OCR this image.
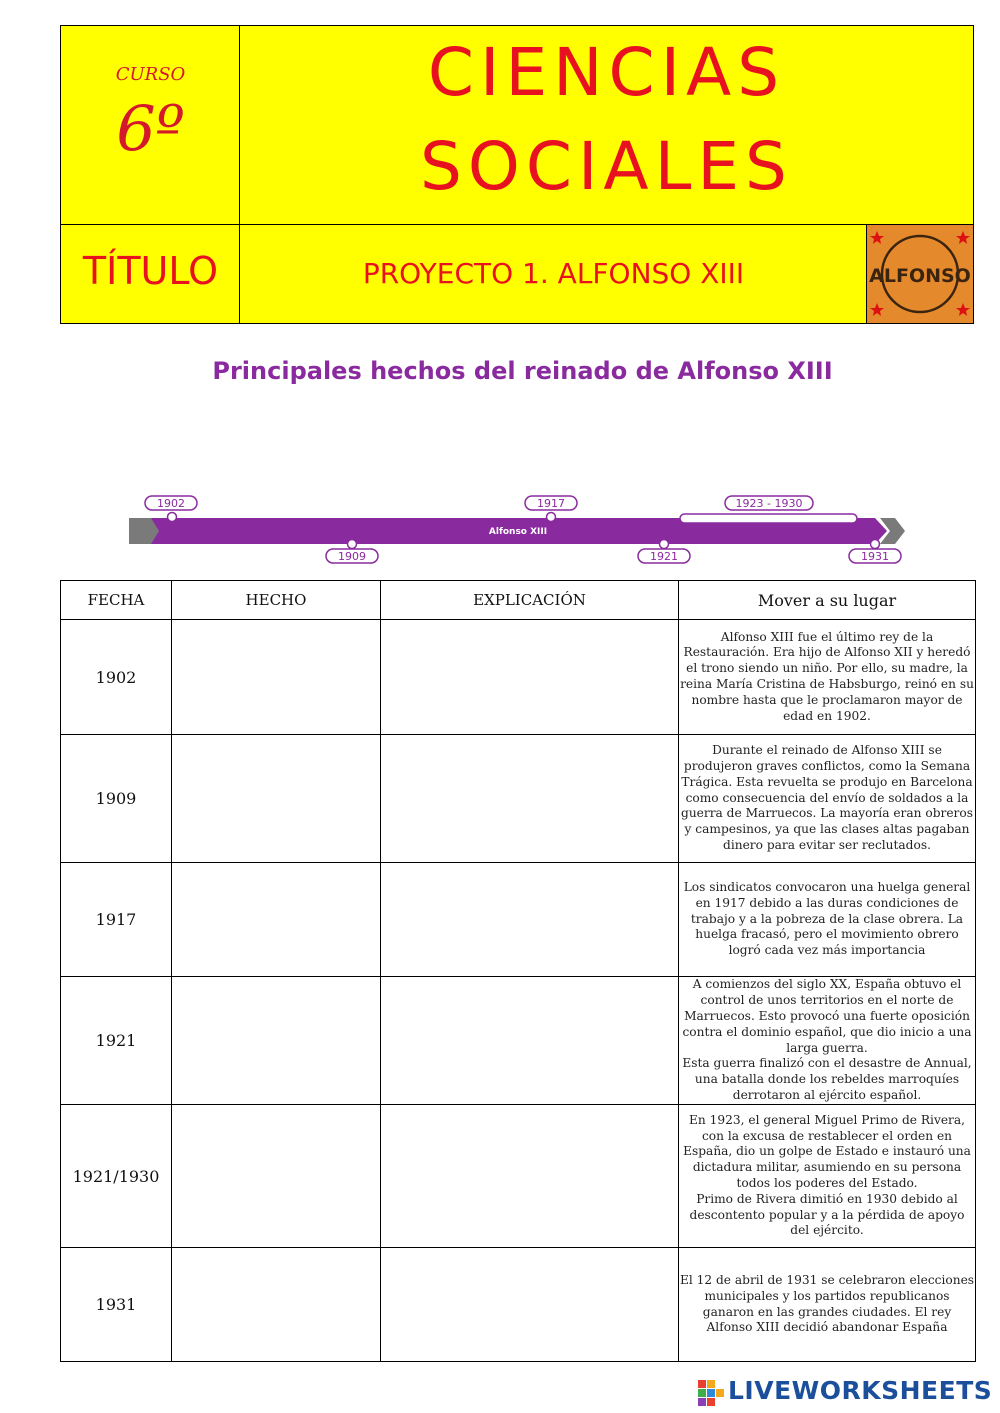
CURSO
6º
CIENCIAS
SOCIALES
TÍTULO	PROYECTO 1. ALFONSO XIII	ALFONSO
Principales hechos del reinado de Alfonso XIII
Alfonso XIII
1902	1917	1923 - 1930
1909	1921	1931
FECHA	HECHO	EXPLICACIÓN	Mover a su lugar
1902			Alfonso XIII fue el último rey de la Restauración. Era hijo de Alfonso XII y heredó el trono siendo un niño. Por ello, su madre, la reina María Cristina de Habsburgo, reinó en su nombre hasta que le proclamaron mayor de edad en 1902.

1909			Durante el reinado de Alfonso XIII se produjeron graves conflictos, como la Semana Trágica. Esta revuelta se produjo en Barcelona como consecuencia del envío de soldados a la guerra de Marruecos. La mayoría eran obreros y campesinos, ya que las clases altas pagaban dinero para evitar ser reclutados.

1917			Los sindicatos convocaron una huelga general en 1917 debido a las duras condiciones de trabajo y a la pobreza de la clase obrera. La huelga fracasó, pero el movimiento obrero logró cada vez más importancia

1921			A comienzos del siglo XX, España obtuvo el control de unos territorios en el norte de Marruecos. Esto provocó una fuerte oposición contra el dominio español, que dio inicio a una larga guerra.
Esta guerra finalizó con el desastre de Annual, una batalla donde los rebeldes marroquíes derrotaron al ejército español.

1921/1930			En 1923, el general Miguel Primo de Rivera, con la excusa de restablecer el orden en España, dio un golpe de Estado e instauró una dictadura militar, asumiendo en su persona todos los poderes del Estado.
Primo de Rivera dimitió en 1930 debido al descontento popular y a la pérdida de apoyo del ejército.

1931			El 12 de abril de 1931 se celebraron elecciones municipales y los partidos republicanos ganaron en las grandes ciudades. El rey Alfonso XIII decidió abandonar España
LIVEWORKSHEETS
